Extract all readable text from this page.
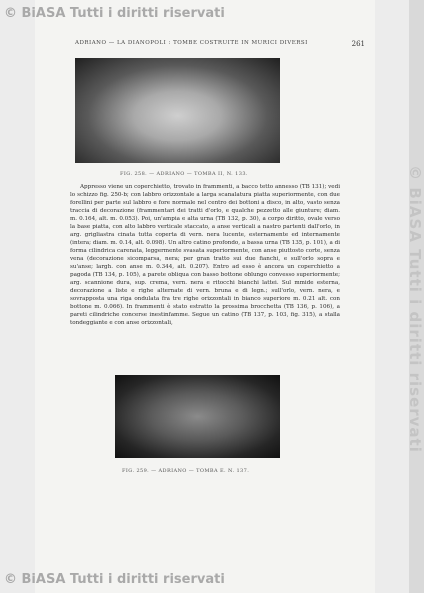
© BiASA Tutti i diritti riservati
© BiASA Tutti i diritti riservati
© BiASA Tutti i diritti riservati
ADRIANO — LA DIANOPOLI : TOMBE COSTRUITE IN MURICI DIVERSI	261
FIG. 258. — ADRIANO — TOMBA II, N. 133.

Appresso viene un coperchietto, trovato in frammenti, a bacco tetto annesso (TB 131); vedi lo schizzo fig. 250-b; con labbro orizzontale a larga scanalatura piatta superiormente, con due forellini per parte sul labbro e fore normale nel centro dei bottoni a disco, in alto, vasto senza traccia di decorazione (frammentari dei tratti d'orlo, e qualche pezzetto alle giunture; diam. m. 0.164, alt. m. 0.053). Poi, un'ampia e alta urna (TB 132, p. 30), a corpo diritto, ovalе verso la base piatta, con alto labbro verticale staccato, a anse verticali a nastro partenti dall'orlo, in arg. grigliastra cinata tutta coperta di vern. nera lucente, esternamente ed internamente (intera; diam. m. 0.14, alt. 0.098). Un altro catino profondo, a bassa urna (TB 135, p. 101), a di forma cilindrica carenata, leggermente svasata superiormente, con anse piuttosto corte, senza vena (decorazione sicomparsa, nera; per gran tratto sui due fianchi, e sull'orlo sopra e su'anse; largh. con anse m. 0.344, alt. 0.207). Entro ad esso è ancora un coperchietto a pagoda (TB 134, p. 105), a parete obliqua con basso bottone oblungo convesso superiormente; arg. scannione dura, sup. crema, vern. nera e ritocchi bianchi lattei. Sul mmide esterna, decorazione a liste e righe alternate di vern. bruna e di legn.; sull'orlo, vern. nera, e sovrapposta una riga ondulata fra tre righe orizzontali in bianco superiore m. 0.21 alt. con bottone m. 0.066). In frammenti è stato estratto la prossima brocchetta (TB 136, p. 106), a pareti cilindriche concerse inestinfamme. Segue un catino (TB 137, p. 103, fig. 315), a stalla tondeggiante e con anse orizzontali,

FIG. 259. — ADRIANO — TOMBA E. N. 137.
